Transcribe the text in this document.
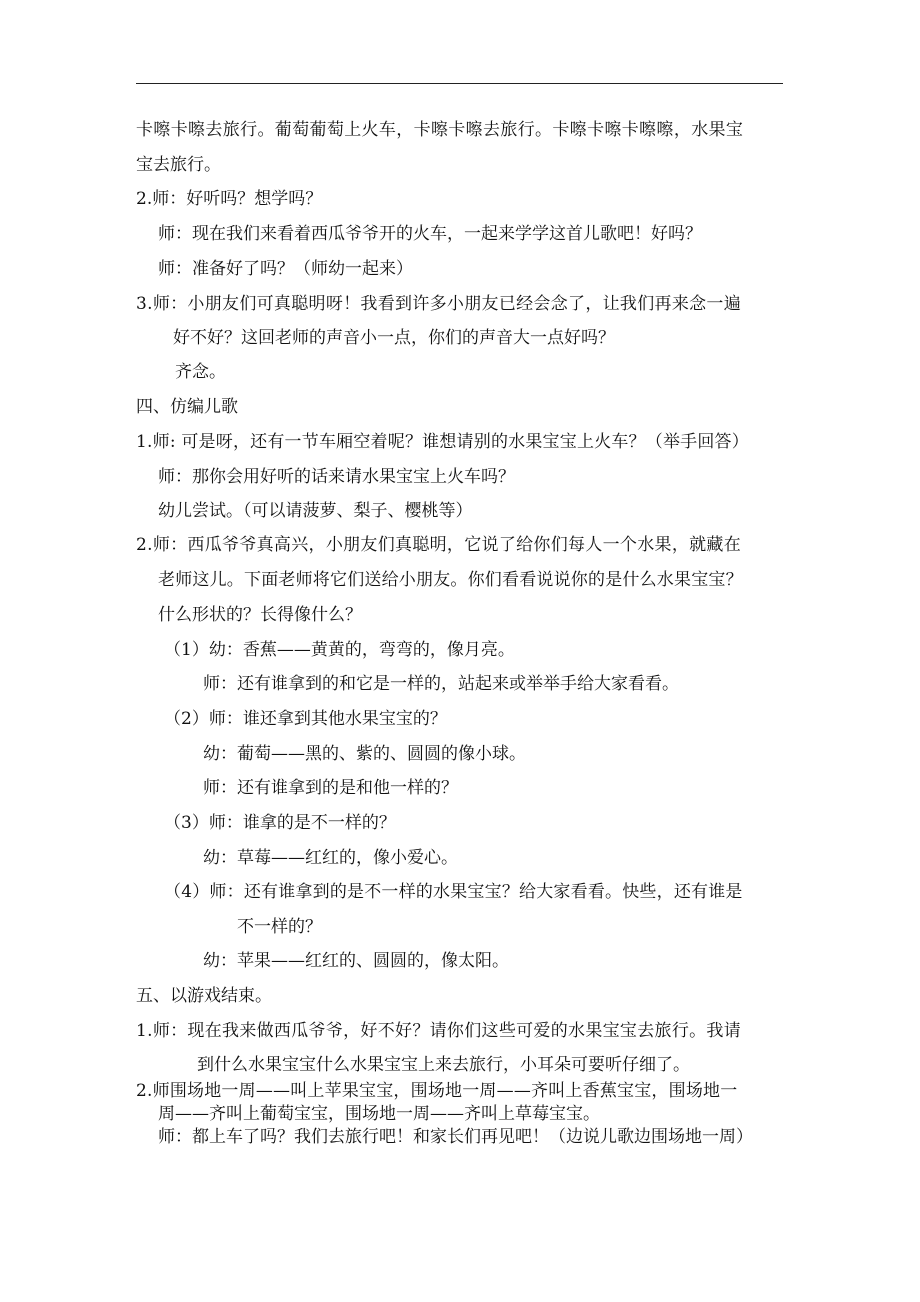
卡嚓卡嚓去旅行。葡萄葡萄上火车，卡嚓卡嚓去旅行。卡嚓卡嚓卡嚓嚓，水果宝
宝去旅行。
2.师：好听吗？想学吗？
师：现在我们来看着西瓜爷爷开的火车，一起来学学这首儿歌吧！好吗？
师：准备好了吗？（师幼一起来）
3.师：小朋友们可真聪明呀！我看到许多小朋友已经会念了，让我们再来念一遍
好不好？这回老师的声音小一点，你们的声音大一点好吗？
齐念。
四、仿编儿歌
1.师: 可是呀，还有一节车厢空着呢？谁想请别的水果宝宝上火车？（举手回答）
师：那你会用好听的话来请水果宝宝上火车吗？
幼儿尝试。（可以请菠萝、梨子、樱桃等）
2.师：西瓜爷爷真高兴，小朋友们真聪明，它说了给你们每人一个水果，就藏在
老师这儿。下面老师将它们送给小朋友。你们看看说说你的是什么水果宝宝？
什么形状的？长得像什么？
（1）幼：香蕉——黄黄的，弯弯的，像月亮。
师：还有谁拿到的和它是一样的，站起来或举举手给大家看看。
（2）师：谁还拿到其他水果宝宝的？
幼：葡萄——黑的、紫的、圆圆的像小球。
师：还有谁拿到的是和他一样的？
（3）师：谁拿的是不一样的？
幼：草莓——红红的，像小爱心。
（4）师：还有谁拿到的是不一样的水果宝宝？给大家看看。快些，还有谁是
不一样的？
幼：苹果——红红的、圆圆的，像太阳。
五、以游戏结束。
1.师：现在我来做西瓜爷爷，好不好？请你们这些可爱的水果宝宝去旅行。我请
到什么水果宝宝什么水果宝宝上来去旅行，小耳朵可要听仔细了。
2.师围场地一周——叫上苹果宝宝，围场地一周——齐叫上香蕉宝宝，围场地一
周——齐叫上葡萄宝宝，围场地一周——齐叫上草莓宝宝。
师：都上车了吗？我们去旅行吧！和家长们再见吧！（边说儿歌边围场地一周）
